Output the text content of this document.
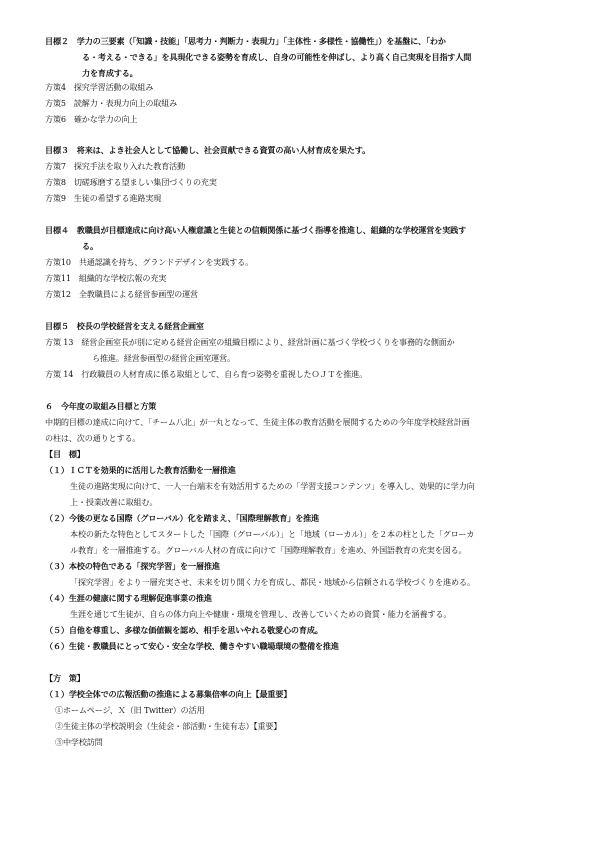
目標２　学力の三要素（「知識・技能」「思考力・判断力・表現力」「主体性・多様性・協働性」）を基盤に、「わか
る・考える・できる」を具現化できる姿勢を育成し、自身の可能性を伸ばし、より高く自己実現を目指す人間
力を育成する。
方策4　探究学習活動の取組み
方策5　読解力・表現力向上の取組み
方策6　確かな学力の向上
目標３　将来は、よき社会人として協働し、社会貢献できる資質の高い人材育成を果たす。
方策7　探究手法を取り入れた教育活動
方策8　切磋琢磨する望ましい集団づくりの充実
方策9　生徒の希望する進路実現
目標４　教職員が目標達成に向け高い人権意識と生徒との信頼関係に基づく指導を推進し、組織的な学校運営を実践す
る。
方策10　共通認識を持ち、グランドデザインを実践する。
方策11　組織的な学校広報の充実
方策12　全教職員による経営参画型の運営
目標５　校長の学校経営を支える経営企画室
方策 13　経営企画室長が別に定める経営企画室の組織目標により、経営計画に基づく学校づくりを事務的な側面か
ら推進。経営参画型の経営企画室運営。
方策 14　行政職員の人材育成に係る取組として、自ら育つ姿勢を重視したＯＪＴを推進。
６　今年度の取組み目標と方策
中期的目標の達成に向けて、「チーム八北」が一丸となって、生徒主体の教育活動を展開するための今年度学校経営計画
の柱は、次の通りとする。
【目　標】
（１）ＩＣＴを効果的に活用した教育活動を一層推進
生徒の進路実現に向けて、一人一台端末を有効活用するための「学習支援コンテンツ」を導入し、効果的に学力向
上・授業改善に取組む。
（２）今後の更なる国際（グローバル）化を踏まえ、「国際理解教育」を推進
本校の新たな特色としてスタートした「国際（グローバル）」と「地域（ローカル）」を２本の柱とした「グローカ
ル教育」を一層推進する。グローバル人材の育成に向けて「国際理解教育」を進め、外国語教育の充実を図る。
（３）本校の特色である「探究学習」を一層推進
「探究学習」をより一層充実させ、未来を切り開く力を育成し、都民・地域から信頼される学校づくりを進める。
（４）生涯の健康に関する理解促進事業の推進
生涯を通じて生徒が、自らの体力向上や健康・環境を管理し、改善していくための資質・能力を涵養する。
（５）自他を尊重し、多様な価値観を認め、相手を思いやれる敬愛心の育成。
（６）生徒・教職員にとって安心・安全な学校、働きやすい職場環境の整備を推進
【方　策】
（１）学校全体での広報活動の推進による募集倍率の向上【最重要】
①ホームページ、Ｘ（旧 Twitter）の活用
②生徒主体の学校説明会（生徒会・部活動・生徒有志）【重要】
③中学校訪問
